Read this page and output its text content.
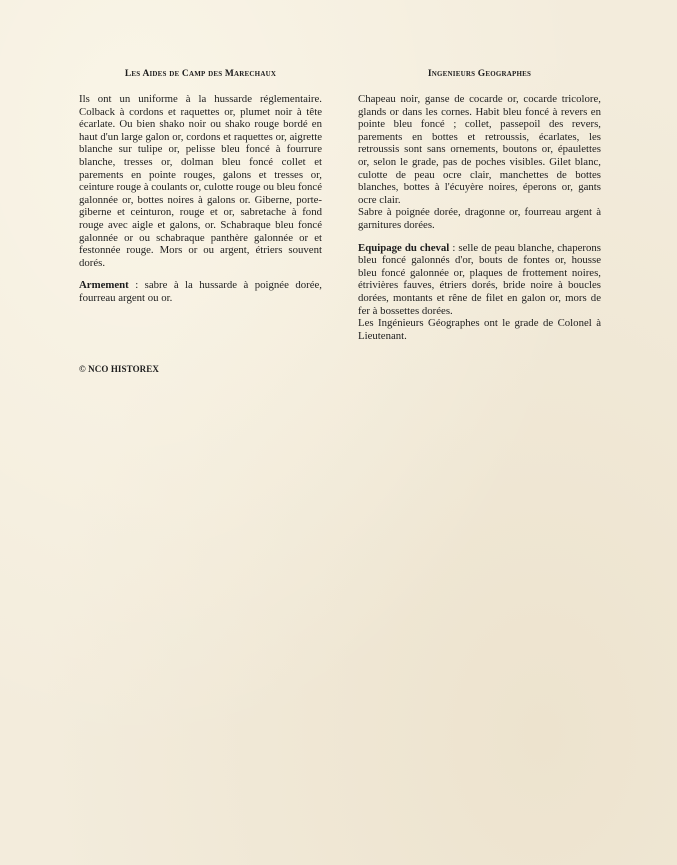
Les Aides de Camp des Marechaux

Ils ont un uniforme à la hussarde réglementaire. Colback à cordons et raquettes or, plumet noir à tête écarlate. Ou bien shako noir ou shako rouge bordé en haut d'un large galon or, cordons et raquettes or, aigrette blanche sur tulipe or, pelisse bleu foncé à fourrure blanche, tresses or, dolman bleu foncé collet et parements en pointe rouges, galons et tresses or, ceinture rouge à coulants or, culotte rouge ou bleu foncé galonnée or, bottes noires à galons or. Giberne, porte-giberne et ceinturon, rouge et or, sabretache à fond rouge avec aigle et galons, or. Schabraque bleu foncé galonnée or ou schabraque panthère galonnée or et festonnée rouge. Mors or ou argent, étriers souvent dorés.

Armement : sabre à la hussarde à poignée dorée, fourreau argent ou or.

Ingenieurs Geographes

Chapeau noir, ganse de cocarde or, cocarde tricolore, glands or dans les cornes. Habit bleu foncé à revers en pointe bleu foncé ; collet, passepoil des revers, parements en bottes et retroussis, écarlates, les retroussis sont sans ornements, boutons or, épaulettes or, selon le grade, pas de poches visibles. Gilet blanc, culotte de peau ocre clair, manchettes de bottes blanches, bottes à l'écuyère noires, éperons or, gants ocre clair.

Sabre à poignée dorée, dragonne or, fourreau argent à garnitures dorées.

Equipage du cheval : selle de peau blanche, chaperons bleu foncé galonnés d'or, bouts de fontes or, housse bleu foncé galonnée or, plaques de frottement noires, étrivières fauves, étriers dorés, bride noire à boucles dorées, montants et rêne de filet en galon or, mors de fer à bossettes dorées.

Les Ingénieurs Géographes ont le grade de Colonel à Lieutenant.

© NCO HISTOREX
